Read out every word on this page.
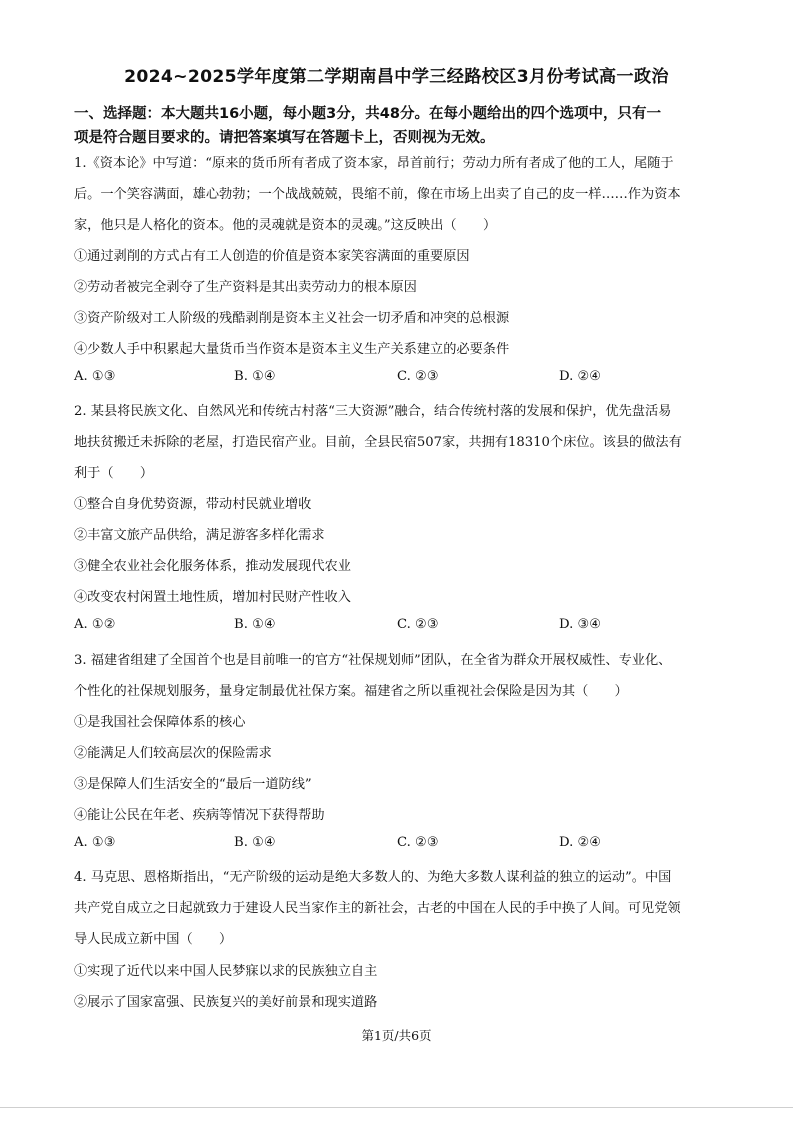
2024~2025学年度第二学期南昌中学三经路校区3月份考试高一政治
一、选择题：本大题共16小题，每小题3分，共48分。在每小题给出的四个选项中，只有一
项是符合题目要求的。请把答案填写在答题卡上，否则视为无效。
1.《资本论》中写道：“原来的货币所有者成了资本家，昂首前行；劳动力所有者成了他的工人，尾随于
后。一个笑容满面，雄心勃勃；一个战战兢兢，畏缩不前，像在市场上出卖了自己的皮一样……作为资本
家，他只是人格化的资本。他的灵魂就是资本的灵魂。”这反映出（　　）
①通过剥削的方式占有工人创造的价值是资本家笑容满面的重要原因
②劳动者被完全剥夺了生产资料是其出卖劳动力的根本原因
③资产阶级对工人阶级的残酷剥削是资本主义社会一切矛盾和冲突的总根源
④少数人手中积累起大量货币当作资本是资本主义生产关系建立的必要条件
A. ①③	B. ①④	C. ②③	D. ②④
2. 某县将民族文化、自然风光和传统古村落“三大资源”融合，结合传统村落的发展和保护，优先盘活易
地扶贫搬迁未拆除的老屋，打造民宿产业。目前，全县民宿507家，共拥有18310个床位。该县的做法有
利于（　　）
①整合自身优势资源，带动村民就业增收
②丰富文旅产品供给，满足游客多样化需求
③健全农业社会化服务体系，推动发展现代农业
④改变农村闲置土地性质，增加村民财产性收入
A. ①②	B. ①④	C. ②③	D. ③④
3. 福建省组建了全国首个也是目前唯一的官方“社保规划师”团队，在全省为群众开展权威性、专业化、
个性化的社保规划服务，量身定制最优社保方案。福建省之所以重视社会保险是因为其（　　）
①是我国社会保障体系的核心
②能满足人们较高层次的保险需求
③是保障人们生活安全的“最后一道防线”
④能让公民在年老、疾病等情况下获得帮助
A. ①③	B. ①④	C. ②③	D. ②④
4. 马克思、恩格斯指出，“无产阶级的运动是绝大多数人的、为绝大多数人谋利益的独立的运动”。中国
共产党自成立之日起就致力于建设人民当家作主的新社会，古老的中国在人民的手中换了人间。可见党领
导人民成立新中国（　　）
①实现了近代以来中国人民梦寐以求的民族独立自主
②展示了国家富强、民族复兴的美好前景和现实道路
第1页/共6页
